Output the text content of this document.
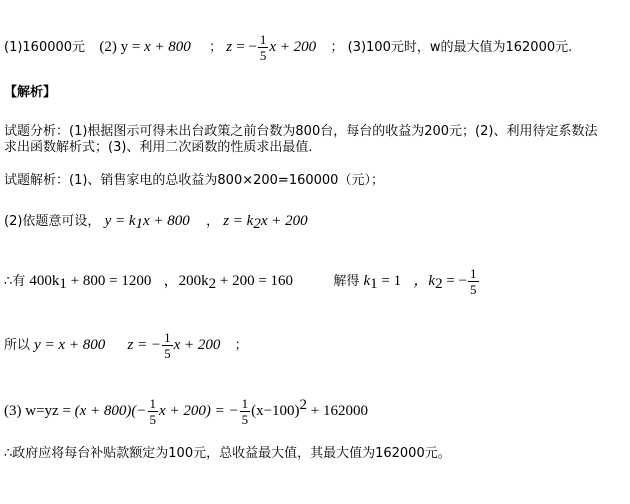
(1)160000元 (2) y = x + 800 ； z = − $\frac{1}{5}$ x + 200 ； (3)100元时，w的最大值为162000元.
【解析】
试题分析：(1)根据图示可得未出台政策之前台数为800台，每台的收益为200元；(2)、利用待定系数法
求出函数解析式；(3)、利用二次函数的性质求出最值.
试题解析：(1)、销售家电的总收益为800×200=160000（元）；
(2)依题意可设， $y = k_1x + 800$ ， $z = k_2x + 200$
∴有 $400k_1 + 800 = 1200$ ，$200k_2 + 200 = 160$	解得 $k_1 = 1$ ，$k_2$ = − $\frac{1}{5}$
所以 y = x + 800 z = − $\frac{1}{5}$ x + 200 ；
(3) $w=yz = (x + 800)(- \frac{1}{5}$ x + 200) = − $\frac{1}{5} (x-100)^2 + 162000$
∴政府应将每台补贴款额定为100元，总收益最大值，其最大值为162000元。
